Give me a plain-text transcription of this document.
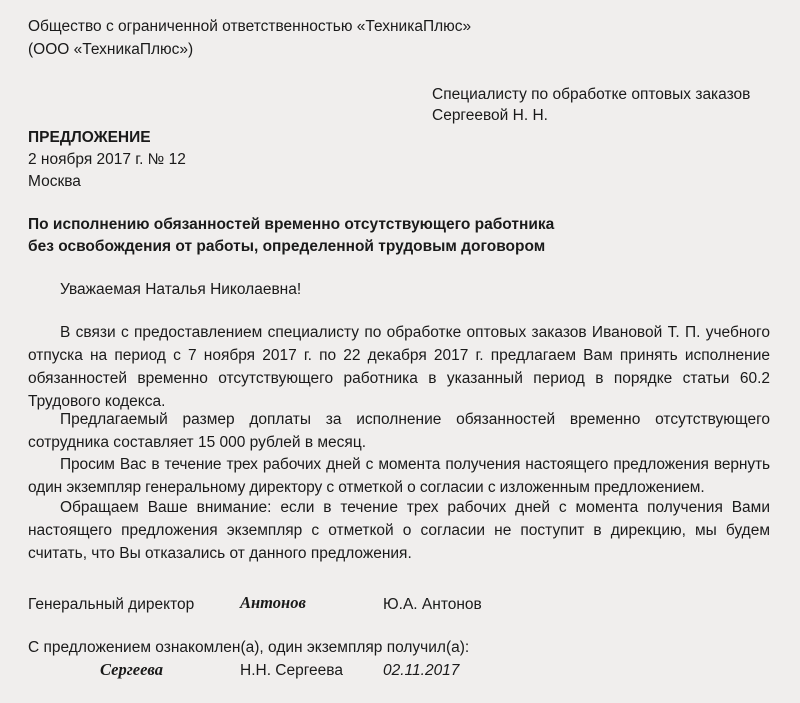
Общество с ограниченной ответственностью «ТехникаПлюс»
(ООО «ТехникаПлюс»)
Специалисту по обработке оптовых заказов
Сергеевой Н. Н.
ПРЕДЛОЖЕНИЕ
2 ноября 2017 г. № 12
Москва
По исполнению обязанностей временно отсутствующего работника
без освобождения от работы, определенной трудовым договором
Уважаемая Наталья Николаевна!

В связи с предоставлением специалисту по обработке оптовых заказов Ивановой Т. П. учебного отпуска на период с 7 ноября 2017 г. по 22 декабря 2017 г. предлагаем Вам принять исполнение обязанностей временно отсутствующего работника в указанный период в порядке статьи 60.2 Трудового кодекса.

Предлагаемый размер доплаты за исполнение обязанностей временно отсутствующего сотрудника составляет 15 000 рублей в месяц.

Просим Вас в течение трех рабочих дней с момента получения настоящего предложения вернуть один экземпляр генеральному директору с отметкой о согласии с изложенным предложением.

Обращаем Ваше внимание: если в течение трех рабочих дней с момента получения Вами настоящего предложения экземпляр с отметкой о согласии не поступит в дирекцию, мы будем считать, что Вы отказались от данного предложения.

Генеральный директор	Антонов	Ю.А. Антонов
С предложением ознакомлен(а), один экземпляр получил(а):
Сергеева	Н.Н. Сергеева	02.11.2017
